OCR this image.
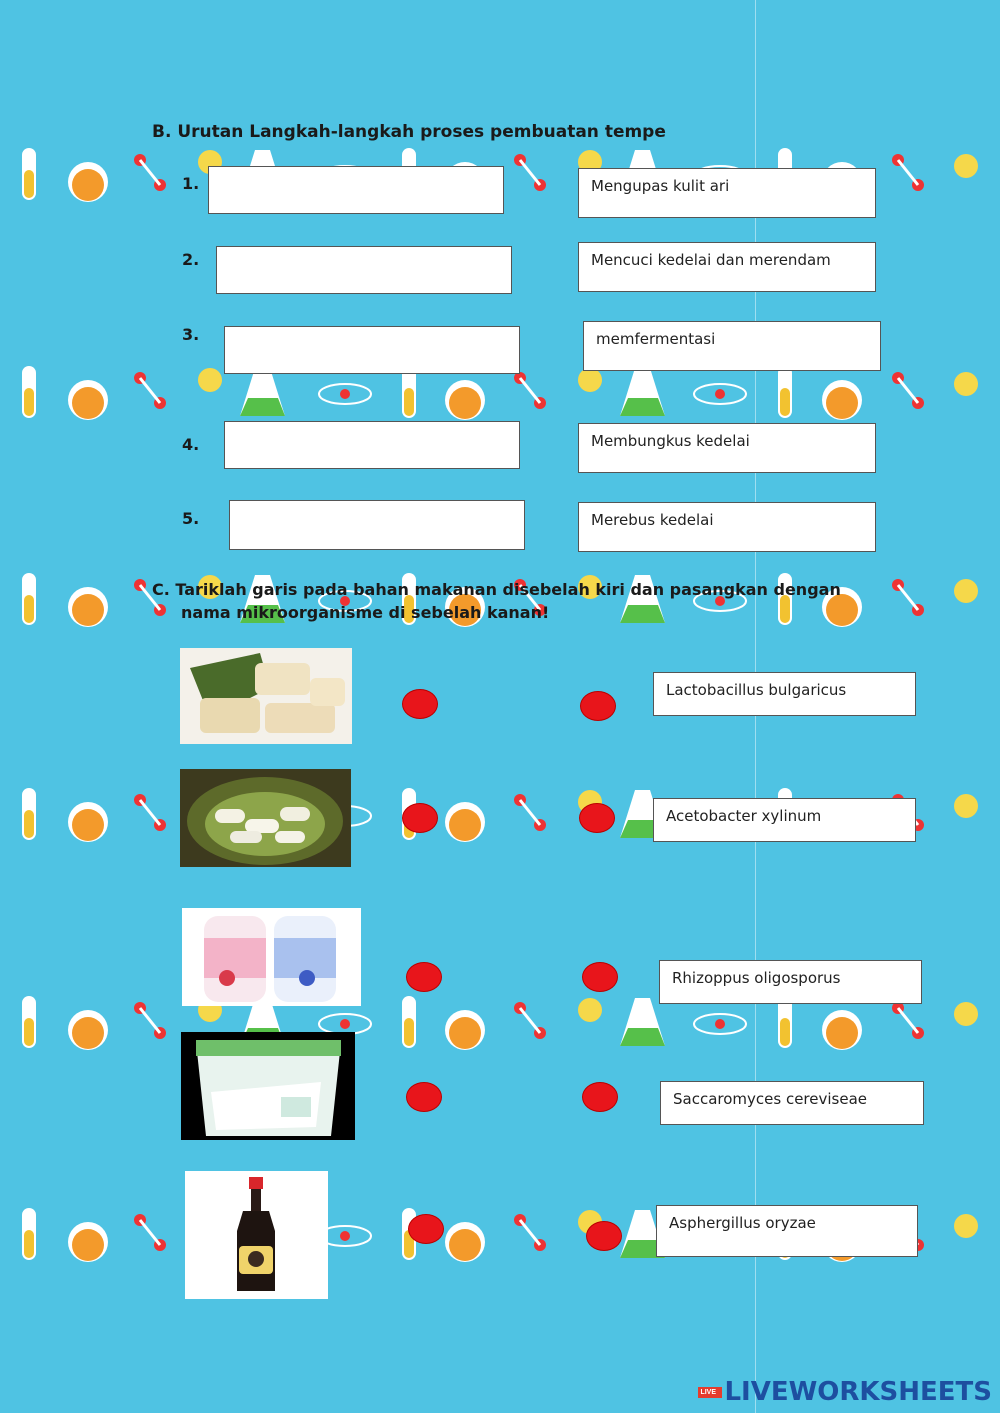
B. Urutan Langkah-langkah proses pembuatan tempe
1.
2.
3.
4.
5.
Mengupas kulit ari
Mencuci kedelai dan merendam
memfermentasi
Membungkus kedelai
Merebus kedelai
C. Tariklah garis pada bahan makanan disebelah kiri dan pasangkan dengan
nama mikroorganisme di sebelah kanan!
Lactobacillus bulgaricus
Acetobacter xylinum
Rhizoppus oligosporus
Saccaromyces cereviseae
Asphergillus oryzae
LIVE LIVEWORKSHEETS
